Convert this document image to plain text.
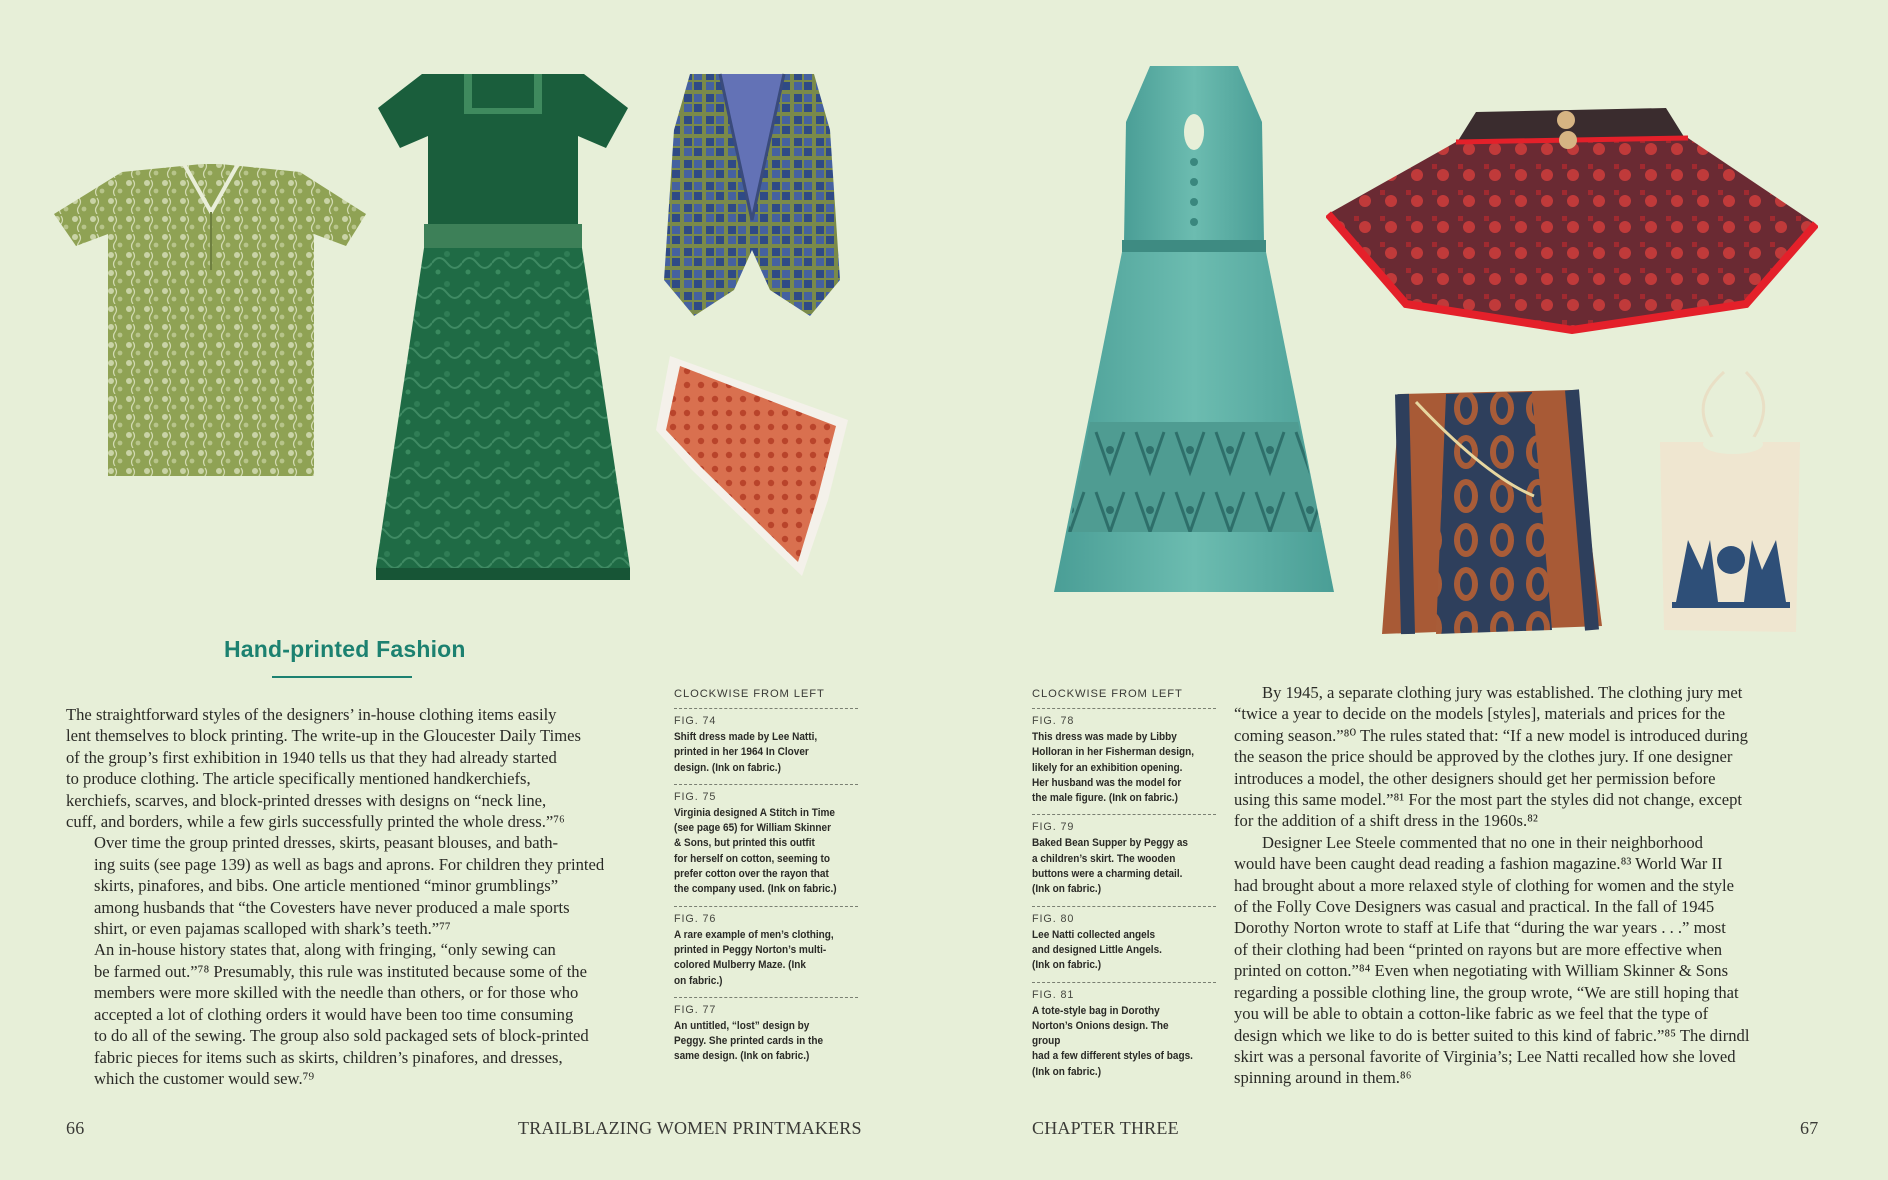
Hand-printed Fashion

The straightforward styles of the designers’ in-house clothing items easily
lent themselves to block printing. The write-up in the Gloucester Daily Times
of the group’s first exhibition in 1940 tells us that they had already started
to produce clothing. The article specifically mentioned handkerchiefs,
kerchiefs, scarves, and block-printed dresses with designs on “neck line,
cuff, and borders, while a few girls successfully printed the whole dress.”⁷⁶

Over time the group printed dresses, skirts, peasant blouses, and bath-
ing suits (see page 139) as well as bags and aprons. For children they printed
skirts, pinafores, and bibs. One article mentioned “minor grumblings”
among husbands that “the Covesters have never produced a male sports
shirt, or even pajamas scalloped with shark’s teeth.”⁷⁷

An in-house history states that, along with fringing, “only sewing can
be farmed out.”⁷⁸ Presumably, this rule was instituted because some of the
members were more skilled with the needle than others, or for those who
accepted a lot of clothing orders it would have been too time consuming
to do all of the sewing. The group also sold packaged sets of block-printed
fabric pieces for items such as skirts, children’s pinafores, and dresses,
which the customer would sew.⁷⁹

CLOCKWISE FROM LEFT
FIG. 74
Shift dress made by Lee Natti,
printed in her 1964 In Clover
design. (Ink on fabric.)
FIG. 75
Virginia designed A Stitch in Time
(see page 65) for William Skinner
& Sons, but printed this outfit
for herself on cotton, seeming to
prefer cotton over the rayon that
the company used. (Ink on fabric.)
FIG. 76
A rare example of men’s clothing,
printed in Peggy Norton’s multi-
colored Mulberry Maze. (Ink
on fabric.)
FIG. 77
An untitled, “lost” design by
Peggy. She printed cards in the
same design. (Ink on fabric.)
66	TRAILBLAZING WOMEN PRINTMAKERS
CLOCKWISE FROM LEFT
FIG. 78
This dress was made by Libby
Holloran in her Fisherman design,
likely for an exhibition opening.
Her husband was the model for
the male figure. (Ink on fabric.)
FIG. 79
Baked Bean Supper by Peggy as
a children’s skirt. The wooden
buttons were a charming detail.
(Ink on fabric.)
FIG. 80
Lee Natti collected angels
and designed Little Angels.
(Ink on fabric.)
FIG. 81
A tote-style bag in Dorothy
Norton’s Onions design. The group
had a few different styles of bags.
(Ink on fabric.)

By 1945, a separate clothing jury was established. The clothing jury met
“twice a year to decide on the models [styles], materials and prices for the
coming season.”⁸⁰ The rules stated that: “If a new model is introduced during
the season the price should be approved by the clothes jury. If one designer
introduces a model, the other designers should get her permission before
using this same model.”⁸¹ For the most part the styles did not change, except
for the addition of a shift dress in the 1960s.⁸²

Designer Lee Steele commented that no one in their neighborhood
would have been caught dead reading a fashion magazine.⁸³ World War II
had brought about a more relaxed style of clothing for women and the style
of the Folly Cove Designers was casual and practical. In the fall of 1945
Dorothy Norton wrote to staff at Life that “during the war years . . .” most
of their clothing had been “printed on rayons but are more effective when
printed on cotton.”⁸⁴ Even when negotiating with William Skinner & Sons
regarding a possible clothing line, the group wrote, “We are still hoping that
you will be able to obtain a cotton-like fabric as we feel that the type of
design which we like to do is better suited to this kind of fabric.”⁸⁵ The dirndl
skirt was a personal favorite of Virginia’s; Lee Natti recalled how she loved
spinning around in them.⁸⁶

CHAPTER THREE	67
